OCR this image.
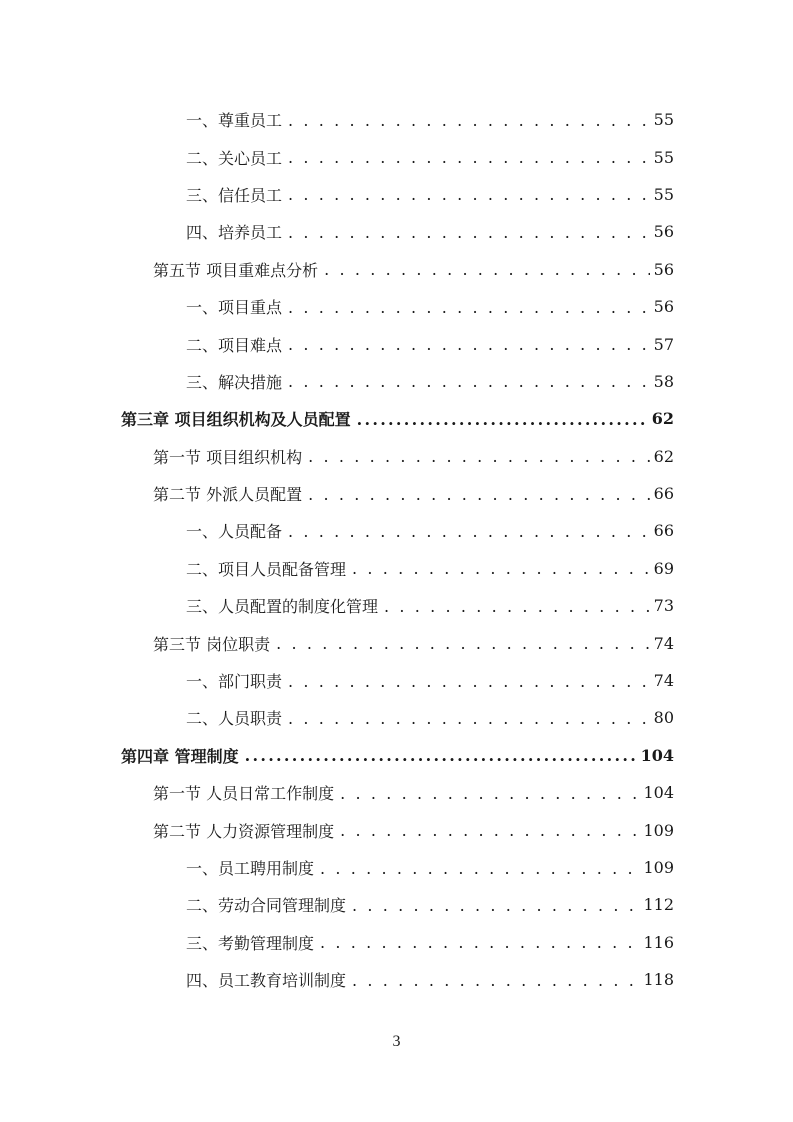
一、尊重员工 . . .	55
二、关心员工 . . .	55
三、信任员工 . . .	55
四、培养员工 . . .	56
第五节 项目重难点分析 . . .	56
一、项目重点 . . .	56
二、项目难点 . . .	57
三、解决措施 . . .	58
第三章 项目组织机构及人员配置 .....	62
第一节 项目组织机构 . . .	62
第二节 外派人员配置 . . .	66
一、人员配备 . . .	66
二、项目人员配备管理 . . .	69
三、人员配置的制度化管理 . . .	73
第三节 岗位职责 . . .	74
一、部门职责 . . .	74
二、人员职责 . . .	80
第四章 管理制度 .....	104
第一节 人员日常工作制度 . . .	104
第二节 人力资源管理制度 . . .	109
一、员工聘用制度 . . .	109
二、劳动合同管理制度 . . .	112
三、考勤管理制度 . . .	116
四、员工教育培训制度 . . .	118
3
